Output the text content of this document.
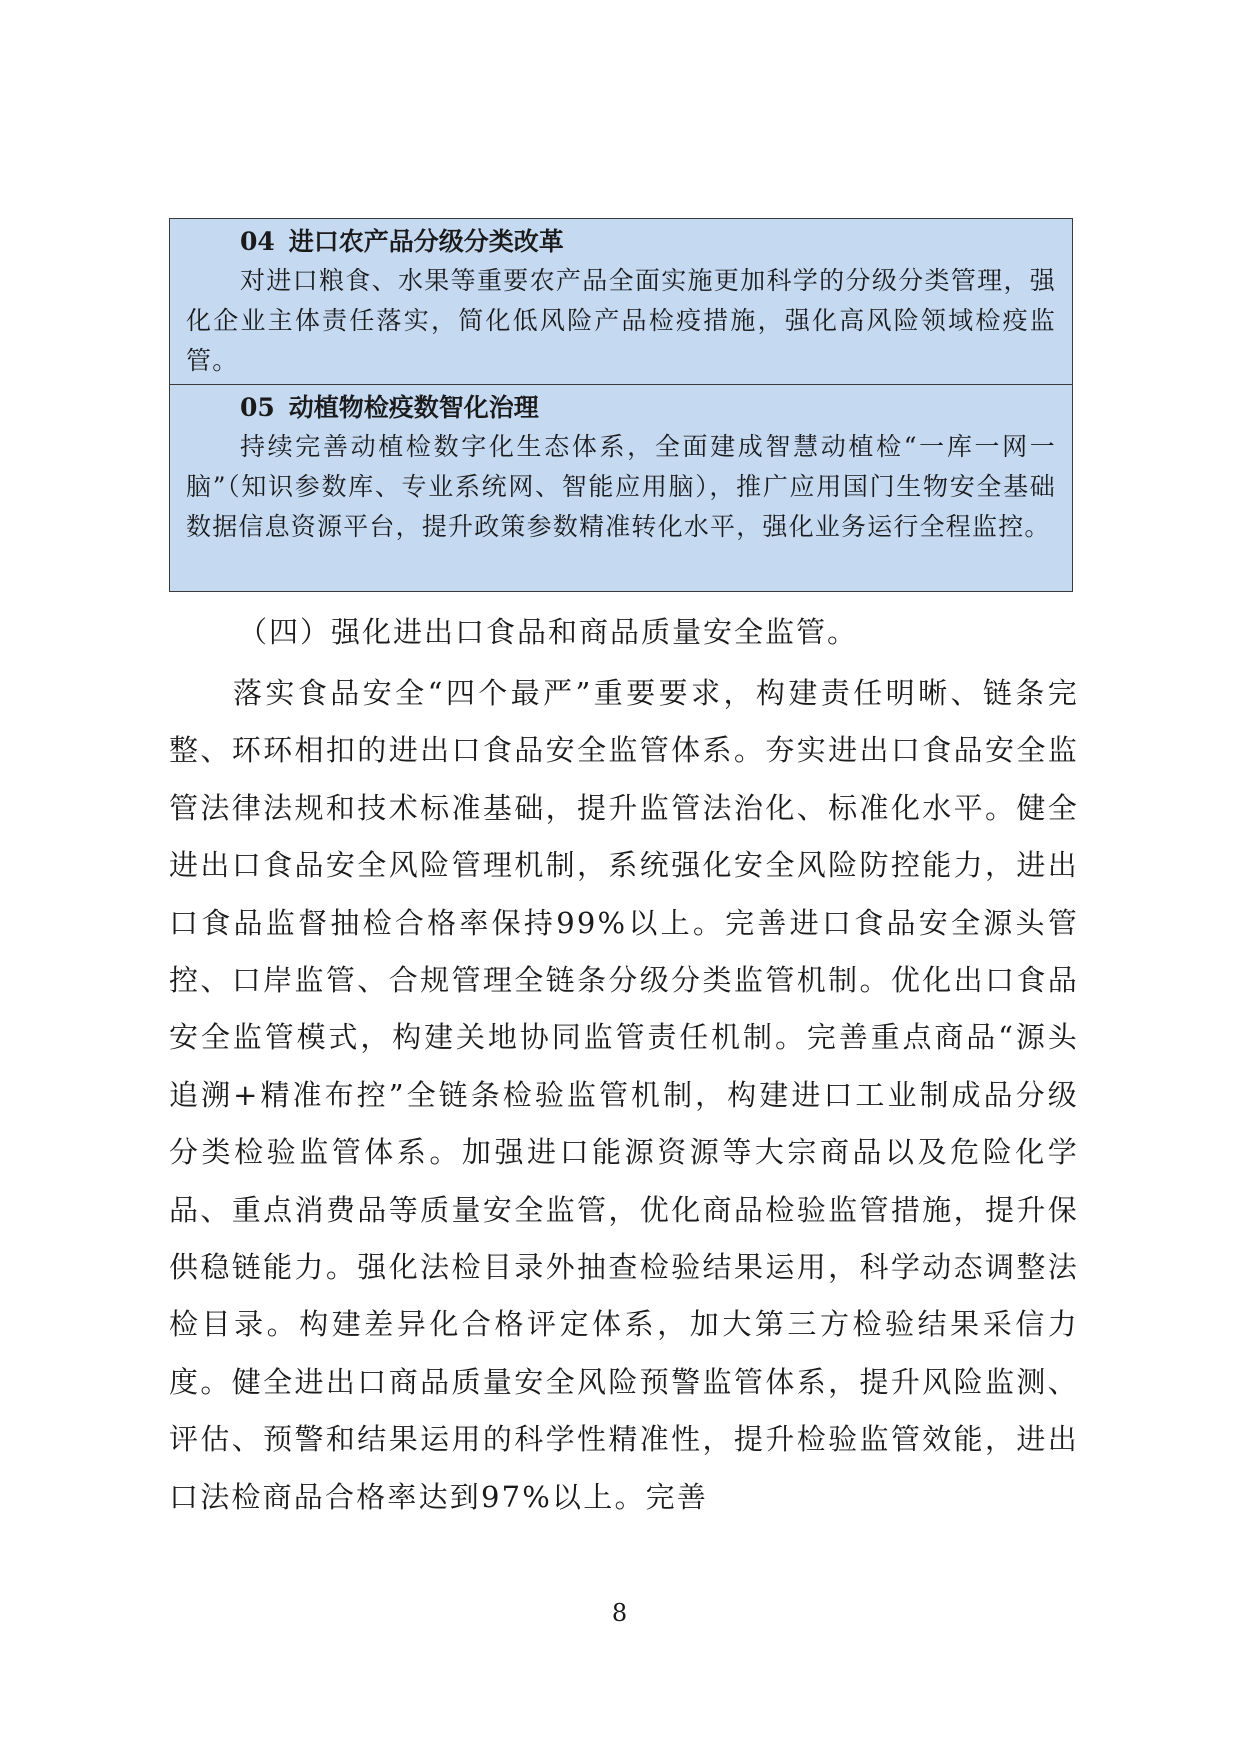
04 进口农产品分级分类改革
对进口粮食、水果等重要农产品全面实施更加科学的分级分类管理，强化企业主体责任落实，简化低风险产品检疫措施，强化高风险领域检疫监管。
05 动植物检疫数智化治理
持续完善动植检数字化生态体系，全面建成智慧动植检“一库一网一脑”（知识参数库、专业系统网、智能应用脑），推广应用国门生物安全基础数据信息资源平台，提升政策参数精准转化水平，强化业务运行全程监控。
（四）强化进出口食品和商品质量安全监管。

落实食品安全“四个最严”重要要求，构建责任明晰、链条完整、环环相扣的进出口食品安全监管体系。夯实进出口食品安全监管法律法规和技术标准基础，提升监管法治化、标准化水平。健全进出口食品安全风险管理机制，系统强化安全风险防控能力，进出口食品监督抽检合格率保持99%以上。完善进口食品安全源头管控、口岸监管、合规管理全链条分级分类监管机制。优化出口食品安全监管模式，构建关地协同监管责任机制。完善重点商品“源头追溯+精准布控”全链条检验监管机制，构建进口工业制成品分级分类检验监管体系。加强进口能源资源等大宗商品以及危险化学品、重点消费品等质量安全监管，优化商品检验监管措施，提升保供稳链能力。强化法检目录外抽查检验结果运用，科学动态调整法检目录。构建差异化合格评定体系，加大第三方检验结果采信力度。健全进出口商品质量安全风险预警监管体系，提升风险监测、评估、预警和结果运用的科学性精准性，提升检验监管效能，进出口法检商品合格率达到97%以上。完善

8
